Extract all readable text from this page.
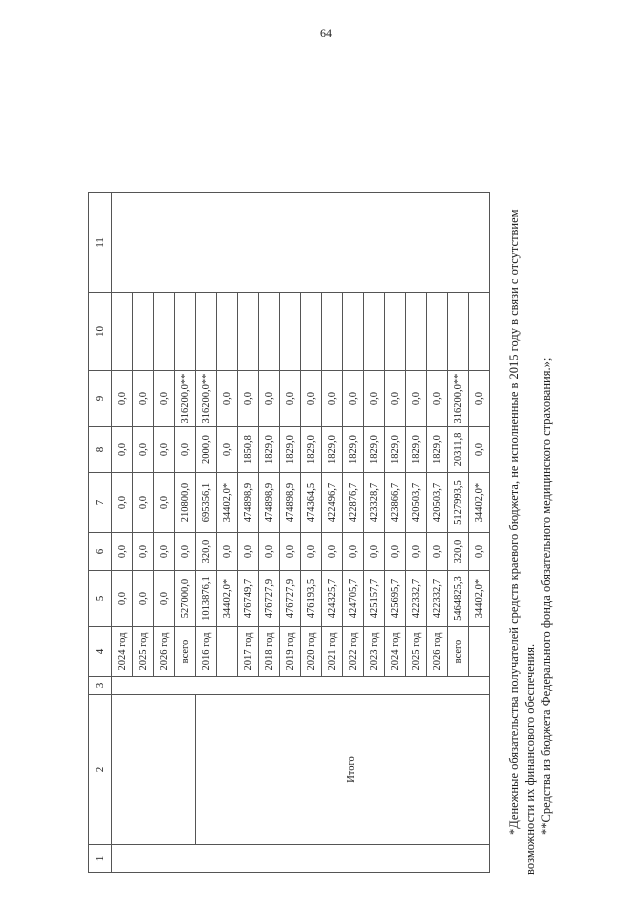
64
1	2	3	4	5	6	7	8	9	10	11
			2024 год	0,0	0,0	0,0	0,0	0,0		
			2025 год	0,0	0,0	0,0	0,0	0,0		
			2026 год	0,0	0,0	0,0	0,0	0,0		
			всего	527000,0	0,0	210800,0	0,0	316200,0**		
	Итого		2016 год	1013876,1	320,0	695356,1	2000,0	316200,0**		
				34402,0*	0,0	34402,0*	0,0	0,0		
			2017 год	476749,7	0,0	474898,9	1850,8	0,0		
			2018 год	476727,9	0,0	474898,9	1829,0	0,0		
			2019 год	476727,9	0,0	474898,9	1829,0	0,0		
			2020 год	476193,5	0,0	474364,5	1829,0	0,0		
			2021 год	424325,7	0,0	422496,7	1829,0	0,0		
			2022 год	424705,7	0,0	422876,7	1829,0	0,0		
			2023 год	425157,7	0,0	423328,7	1829,0	0,0		
			2024 год	425695,7	0,0	423866,7	1829,0	0,0		
			2025 год	422332,7	0,0	420503,7	1829,0	0,0		
			2026 год	422332,7	0,0	420503,7	1829,0	0,0		
			всего	5464825,3	320,0	5127993,5	20311,8	316200,0**		
				34402,0*	0,0	34402,0*	0,0	0,0		*Денежные обязательства получателей средств краевого бюджета, не исполненные в 2015 году в связи с отсутствием возможности их финансового обеспечения. **Средства из бюджета Федерального фонда обязательного медицинского страхования.»;
